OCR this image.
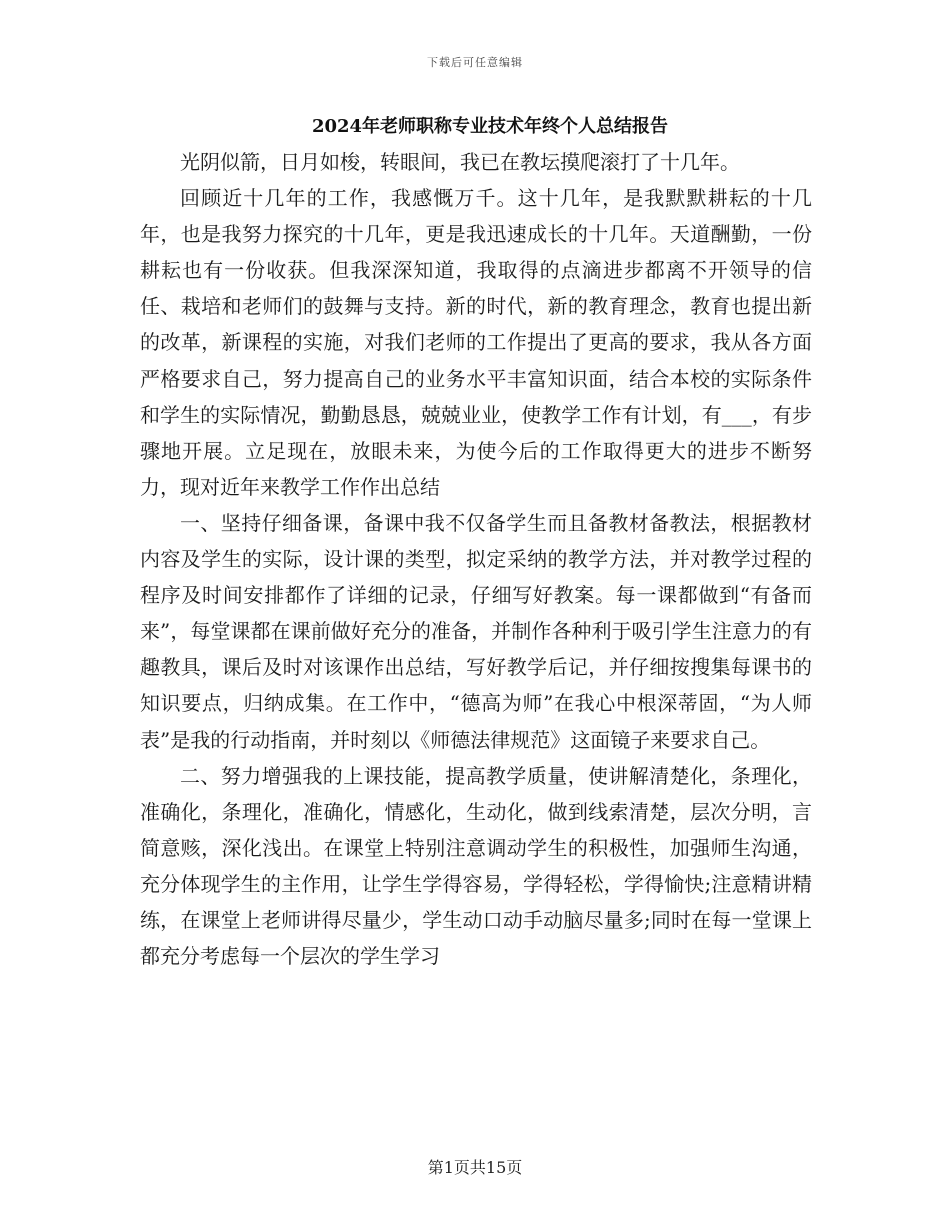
下载后可任意编辑
2024年老师职称专业技术年终个人总结报告

光阴似箭，日月如梭，转眼间，我已在教坛摸爬滚打了十几年。

回顾近十几年的工作，我感慨万千。这十几年，是我默默耕耘的十几年，也是我努力探究的十几年，更是我迅速成长的十几年。天道酬勤，一份耕耘也有一份收获。但我深深知道，我取得的点滴进步都离不开领导的信任、栽培和老师们的鼓舞与支持。新的时代，新的教育理念，教育也提出新的改革，新课程的实施，对我们老师的工作提出了更高的要求，我从各方面严格要求自己，努力提高自己的业务水平丰富知识面，结合本校的实际条件和学生的实际情况，勤勤恳恳，兢兢业业，使教学工作有计划，有___，有步骤地开展。立足现在，放眼未来，为使今后的工作取得更大的进步不断努力，现对近年来教学工作作出总结

一、坚持仔细备课，备课中我不仅备学生而且备教材备教法，根据教材内容及学生的实际，设计课的类型，拟定采纳的教学方法，并对教学过程的程序及时间安排都作了详细的记录，仔细写好教案。每一课都做到“有备而来”，每堂课都在课前做好充分的准备，并制作各种利于吸引学生注意力的有趣教具，课后及时对该课作出总结，写好教学后记，并仔细按搜集每课书的知识要点，归纳成集。在工作中，“德高为师”在我心中根深蒂固，“为人师表”是我的行动指南，并时刻以《师德法律规范》这面镜子来要求自己。

二、努力增强我的上课技能，提高教学质量，使讲解清楚化，条理化，准确化，条理化，准确化，情感化，生动化，做到线索清楚，层次分明，言简意赅，深化浅出。在课堂上特别注意调动学生的积极性，加强师生沟通，充分体现学生的主作用，让学生学得容易，学得轻松，学得愉快;注意精讲精练，在课堂上老师讲得尽量少，学生动口动手动脑尽量多;同时在每一堂课上都充分考虑每一个层次的学生学习

第1页共15页
